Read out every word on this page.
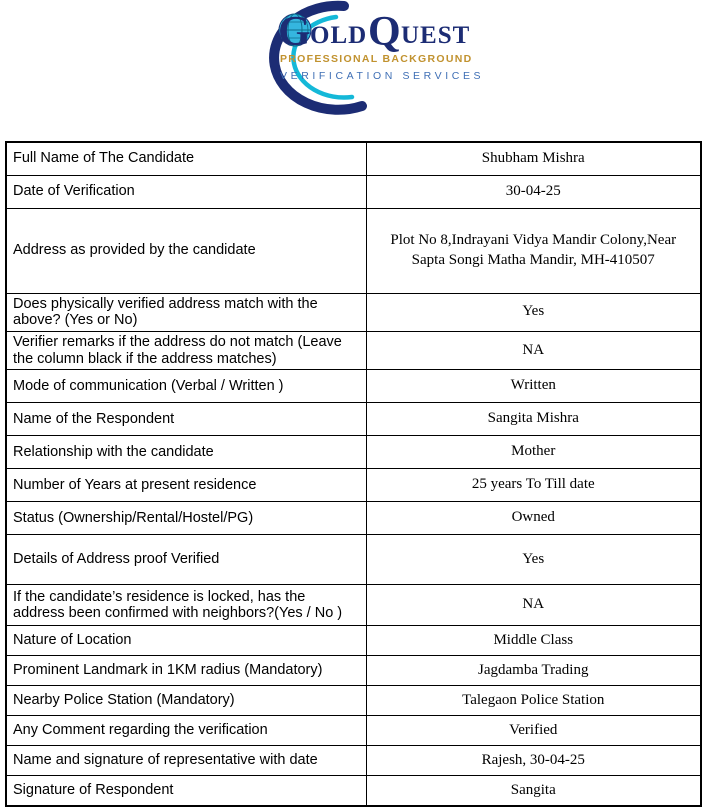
G OLD Q UEST
PROFESSIONAL BACKGROUND
VERIFICATION SERVICES
Full Name of The Candidate	Shubham Mishra
Date of Verification	30-04-25
Address as provided by the candidate	Plot No 8,Indrayani Vidya Mandir Colony,Near Sapta Songi Matha Mandir, MH-410507
Does physically verified address match with the above? (Yes or No)	Yes
Verifier remarks if the address do not match (Leave the column black if the address matches)	NA
Mode of communication (Verbal / Written )	Written
Name of the Respondent	Sangita Mishra
Relationship with the candidate	Mother
Number of Years at present residence	25 years To Till date
Status (Ownership/Rental/Hostel/PG)	Owned
Details of Address proof Verified	Yes
If the candidate’s residence is locked, has the address been confirmed with neighbors?(Yes / No )	NA
Nature of Location	Middle Class
Prominent Landmark in 1KM radius (Mandatory)	Jagdamba Trading
Nearby Police Station (Mandatory)	Talegaon Police Station
Any Comment regarding the verification	Verified
Name and signature of representative with date	Rajesh, 30-04-25
Signature of Respondent	Sangita
